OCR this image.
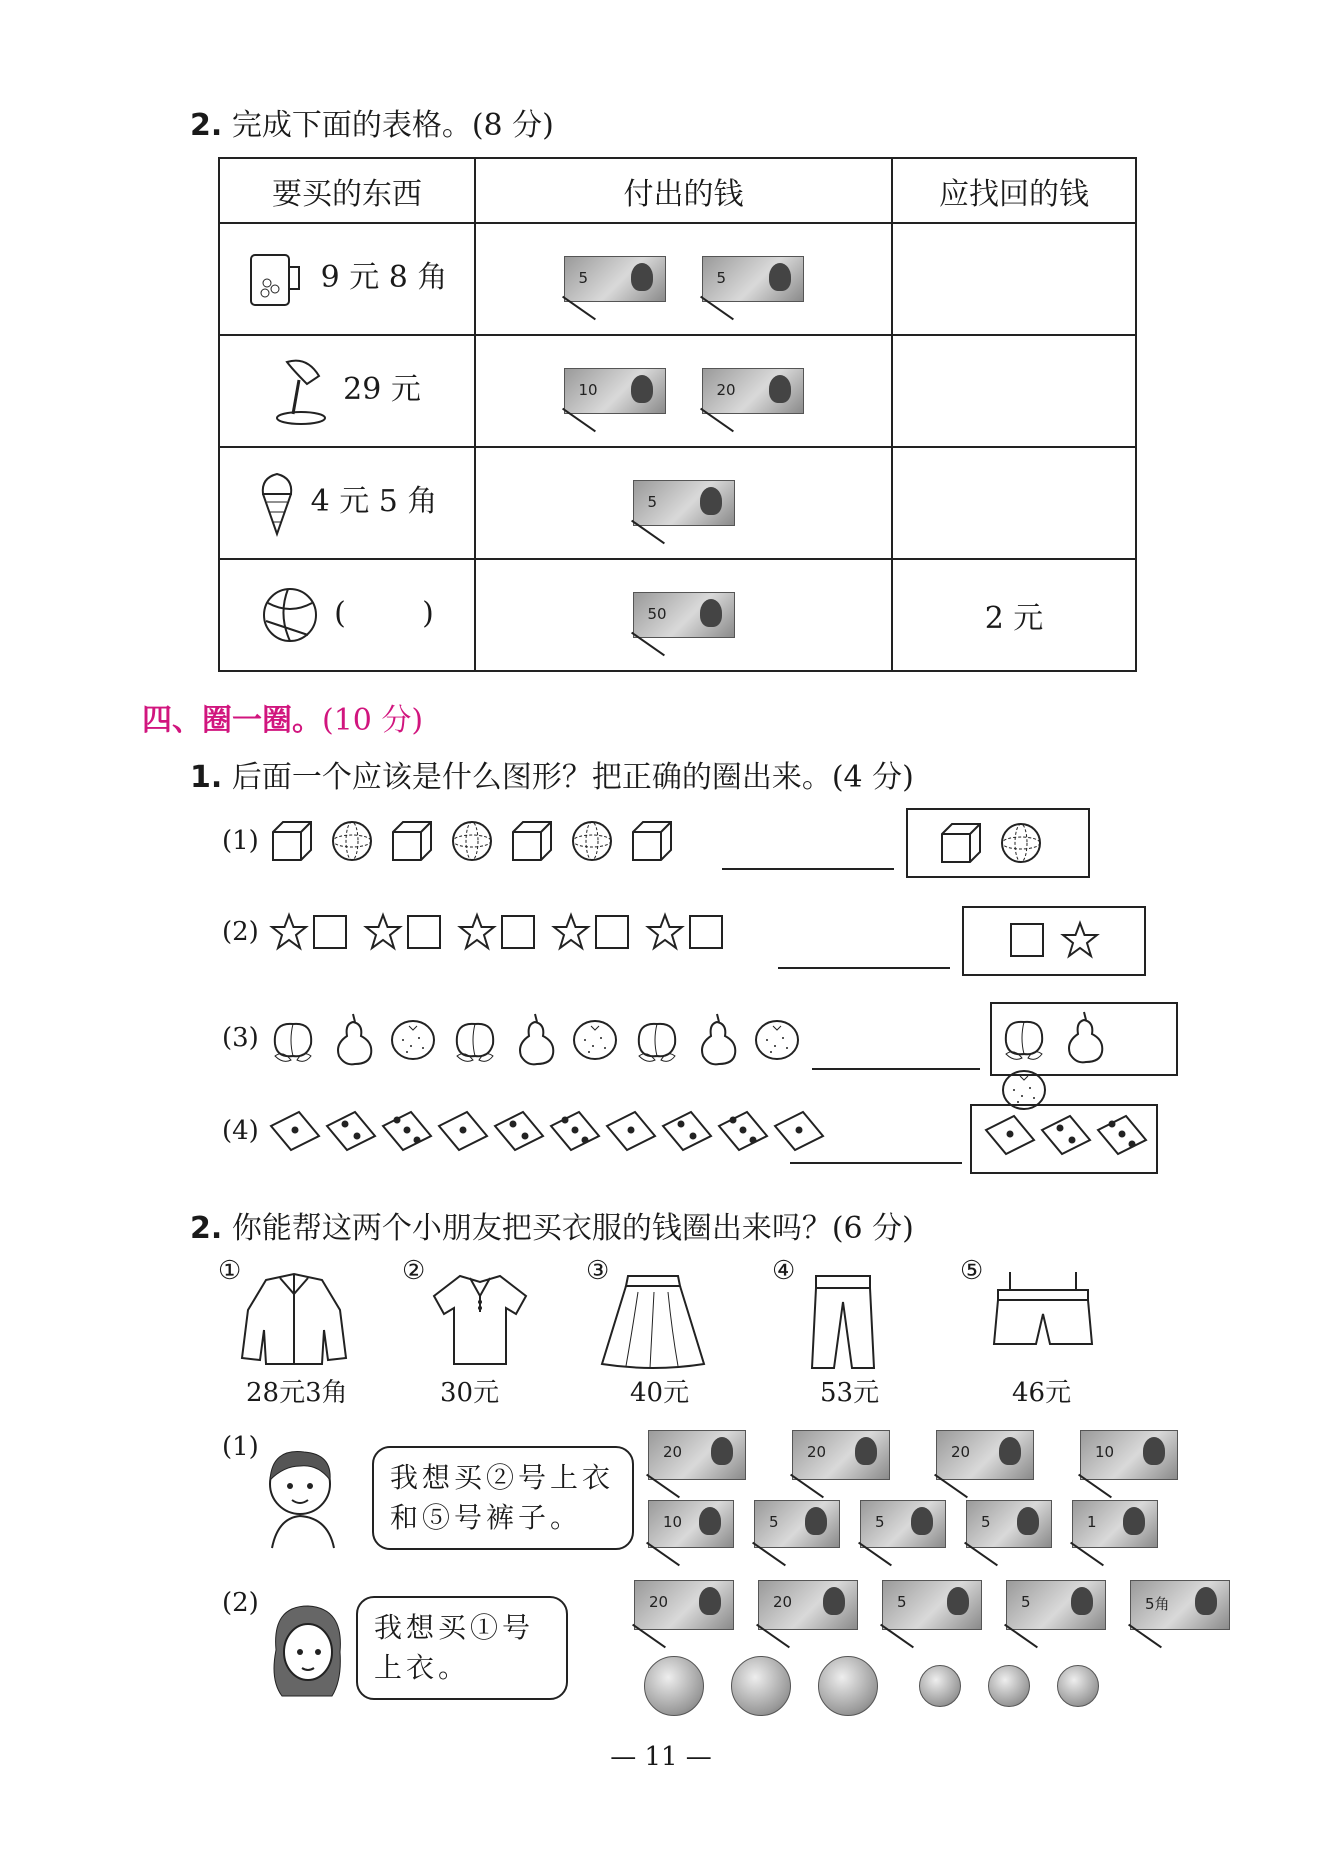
2. 完成下面的表格。(8 分)
要买的东西	付出的钱	应找回的钱
9 元 8 角	5 5	

29 元	10 20	

4 元 5 角	5	

(        )	50	2 元
四、圈一圈。(10 分)
1. 后面一个应该是什么图形？把正确的圈出来。(4 分)
(1)
(2)
(3)
(4)
2. 你能帮这两个小朋友把买衣服的钱圈出来吗？(6 分)
①
28元3角
②
30元
③
40元
④
53元
⑤
46元
(1)
我想买②号上衣
和⑤号裤子。
20	20	20	10
10	5	5	5	1
(2)
我想买①号
上衣。
20	20	5	5	5角

— 11 —
